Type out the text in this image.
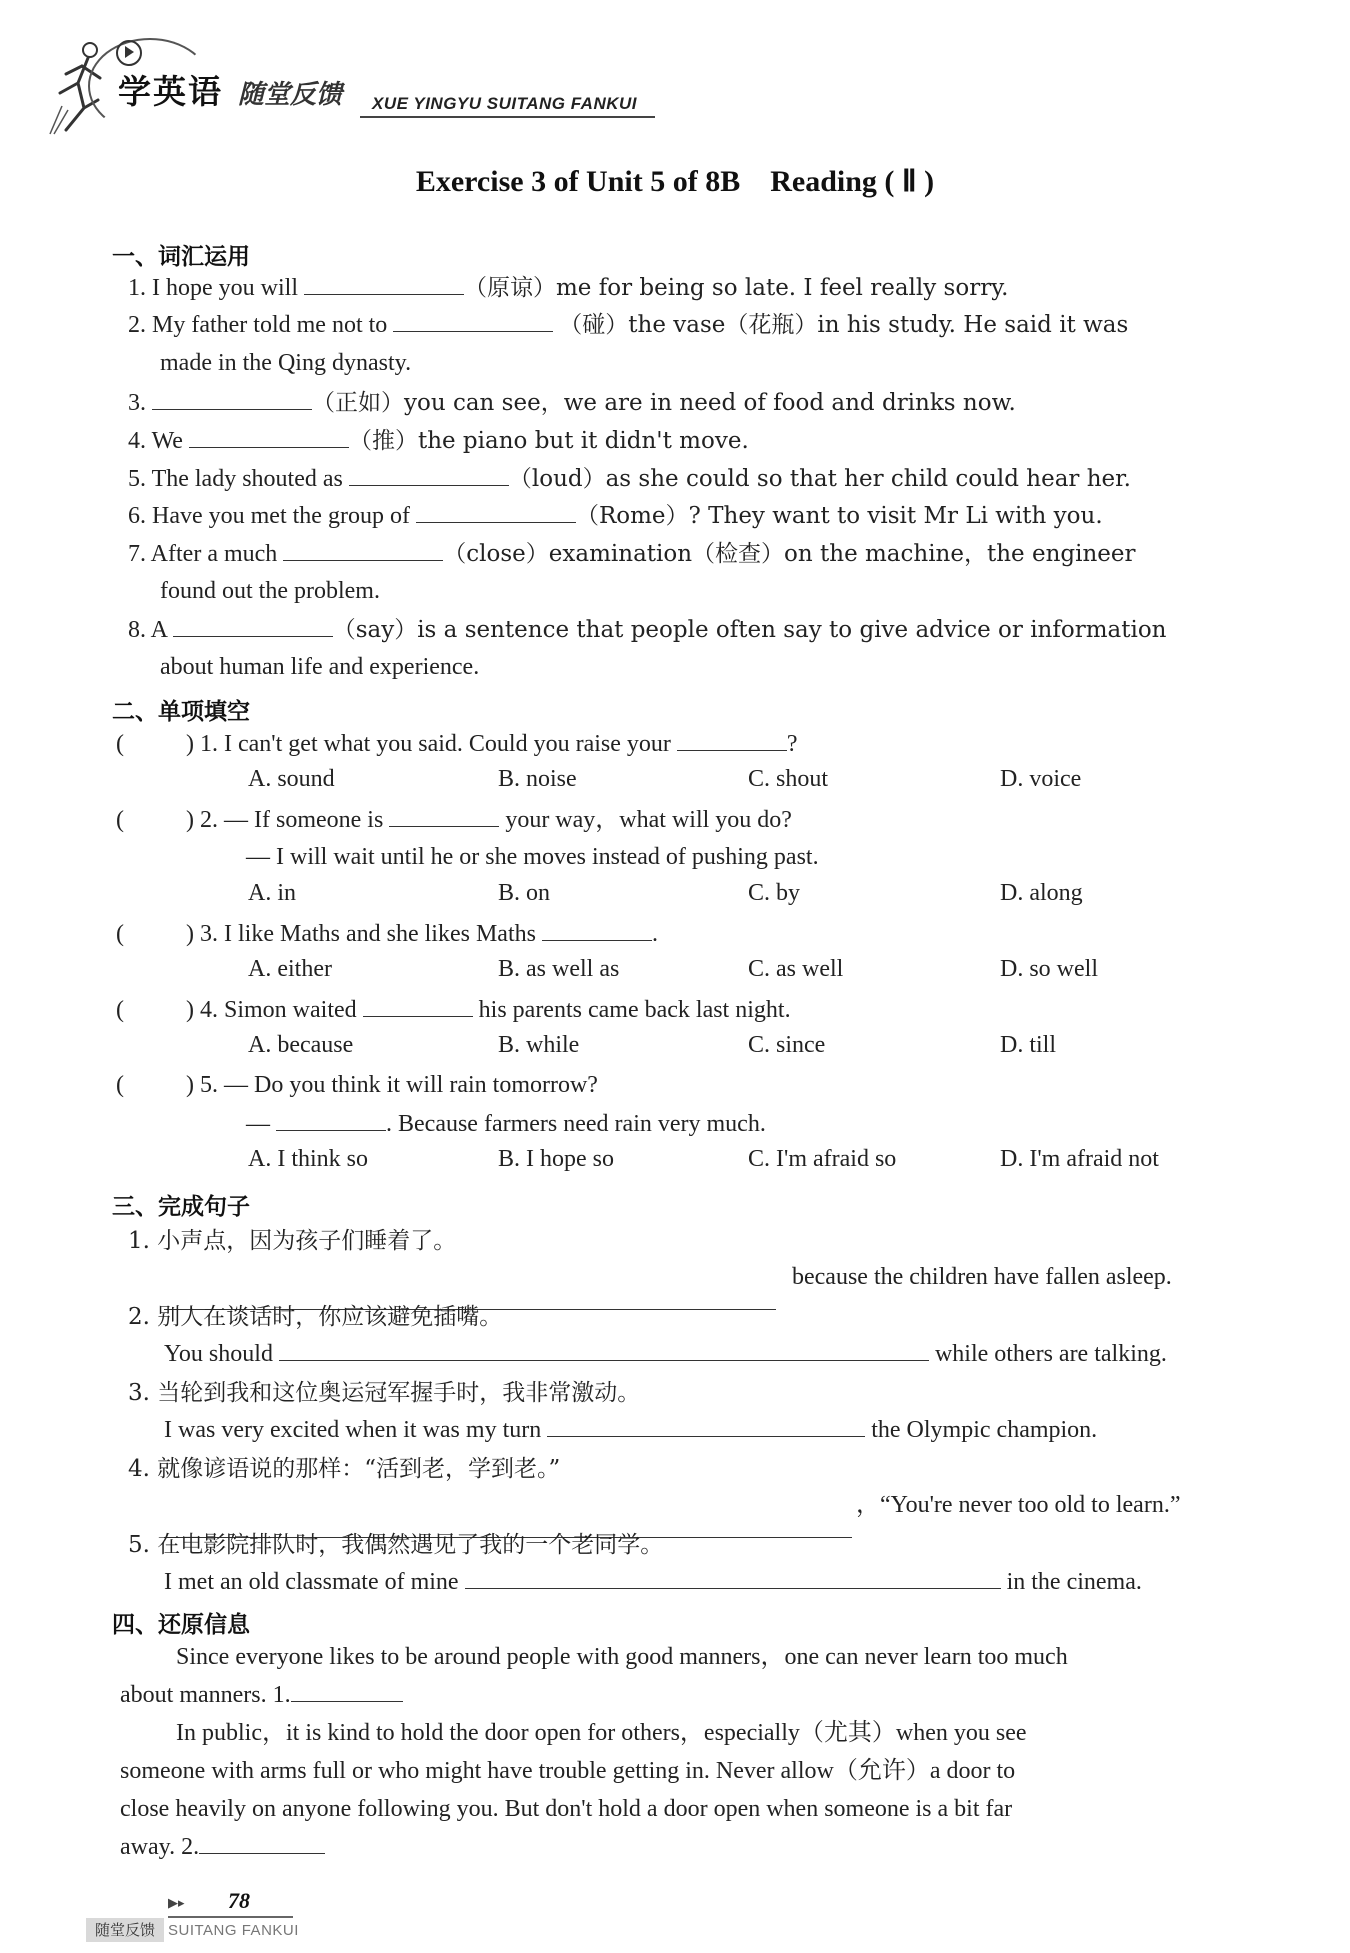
学英语 随堂反馈 XUE YINGYU SUITANG FANKUI
Exercise 3 of Unit 5 of 8B    Reading ( Ⅱ )
一、词汇运用
1. I hope you will	（原谅）me for being so late. I feel really sorry.
2. My father told me not to	（碰）the vase（花瓶）in his study. He said it was
made in the Qing dynasty.
3.	（正如）you can see，we are in need of food and drinks now.
4. We	（推）the piano but it didn't move.
5. The lady shouted as	（loud）as she could so that her child could hear her.
6. Have you met the group of	（Rome）? They want to visit Mr Li with you.
7. After a much	（close）examination（检查）on the machine，the engineer
found out the problem.
8. A	（say）is a sentence that people often say to give advice or information
about human life and experience.
二、单项填空
(	) 1. I can't get what you said. Could you raise your	?
A. sound	B. noise	C. shout	D. voice
(	) 2. — If someone is	your way，what will you do?
— I will wait until he or she moves instead of pushing past.
A. in	B. on	C. by	D. along
(	) 3. I like Maths and she likes Maths	.
A. either	B. as well as	C. as well	D. so well
(	) 4. Simon waited	his parents came back last night.
A. because	B. while	C. since	D. till
(	) 5. — Do you think it will rain tomorrow?
—	. Because farmers need rain very much.
A. I think so	B. I hope so	C. I'm afraid so	D. I'm afraid not
三、完成句子
1. 小声点，因为孩子们睡着了。
because the children have fallen asleep.
2. 别人在谈话时，你应该避免插嘴。
You should	while others are talking.
3. 当轮到我和这位奥运冠军握手时，我非常激动。
I was very excited when it was my turn	the Olympic champion.
4. 就像谚语说的那样：“活到老，学到老。”
，“You're never too old to learn.”
5. 在电影院排队时，我偶然遇见了我的一个老同学。
I met an old classmate of mine	in the cinema.
四、还原信息
Since everyone likes to be around people with good manners，one can never learn too much
about manners. 1.
In public，it is kind to hold the door open for others，especially（尤其）when you see
someone with arms full or who might have trouble getting in. Never allow（允许）a door to
close heavily on anyone following you. But don't hold a door open when someone is a bit far
away. 2.
▶▸ 78
随堂反馈 SUITANG FANKUI
